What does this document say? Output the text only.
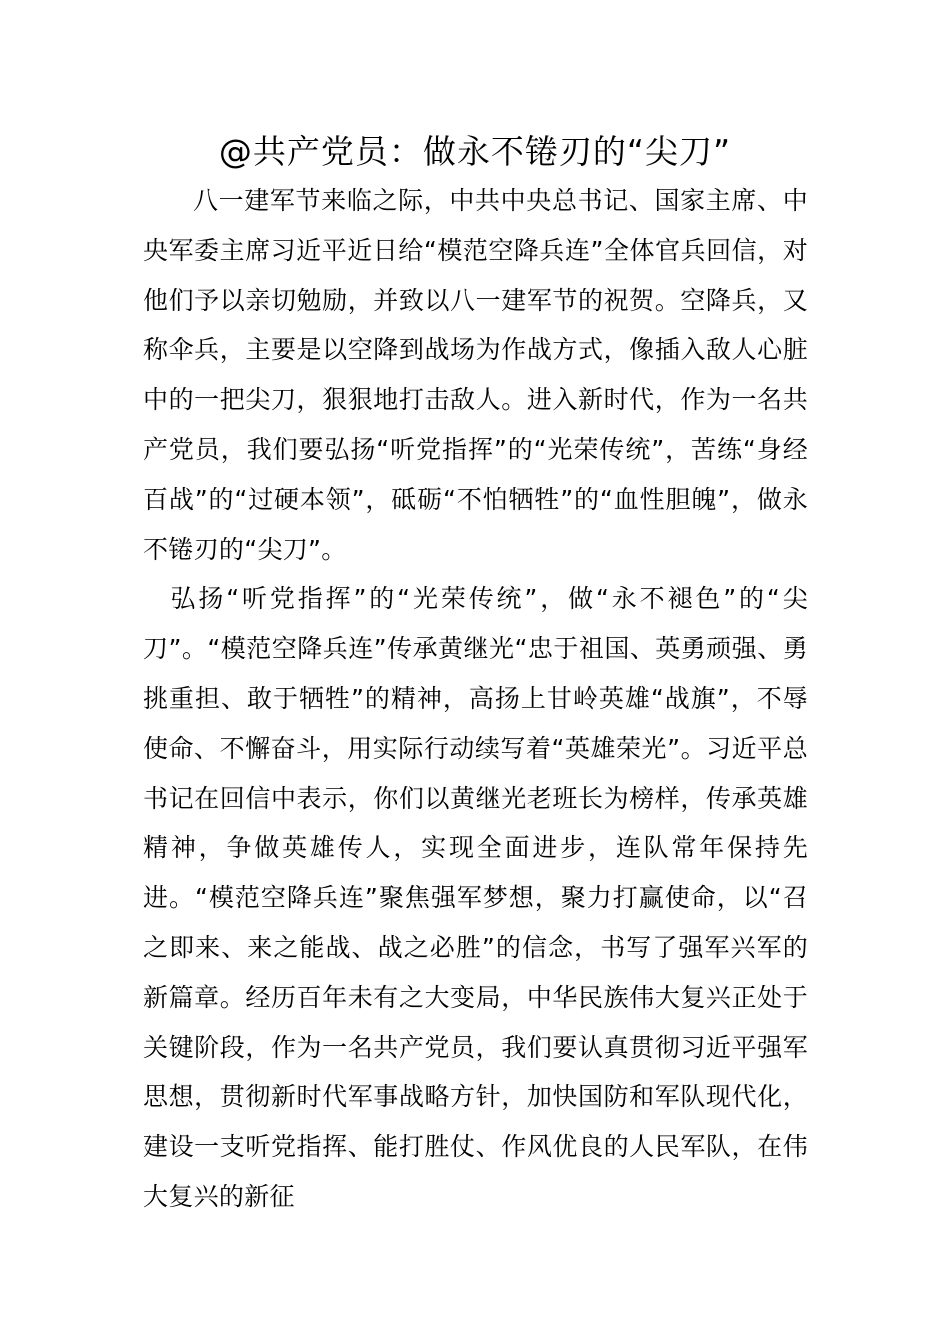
@共产党员：做永不锩刃的“尖刀”

八一建军节来临之际，中共中央总书记、国家主席、中央军委主席习近平近日给“模范空降兵连”全体官兵回信，对他们予以亲切勉励，并致以八一建军节的祝贺。空降兵，又称伞兵，主要是以空降到战场为作战方式，像插入敌人心脏中的一把尖刀，狠狠地打击敌人。进入新时代，作为一名共产党员，我们要弘扬“听党指挥”的“光荣传统”，苦练“身经百战”的“过硬本领”，砥砺“不怕牺牲”的“血性胆魄”，做永不锩刃的“尖刀”。

弘扬“听党指挥”的“光荣传统”，做“永不褪色”的“尖刀”。“模范空降兵连”传承黄继光“忠于祖国、英勇顽强、勇挑重担、敢于牺牲”的精神，高扬上甘岭英雄“战旗”，不辱使命、不懈奋斗，用实际行动续写着“英雄荣光”。习近平总书记在回信中表示，你们以黄继光老班长为榜样，传承英雄精神，争做英雄传人，实现全面进步，连队常年保持先进。“模范空降兵连”聚焦强军梦想，聚力打赢使命，以“召之即来、来之能战、战之必胜”的信念，书写了强军兴军的新篇章。经历百年未有之大变局，中华民族伟大复兴正处于关键阶段，作为一名共产党员，我们要认真贯彻习近平强军思想，贯彻新时代军事战略方针，加快国防和军队现代化，建设一支听党指挥、能打胜仗、作风优良的人民军队，在伟大复兴的新征
